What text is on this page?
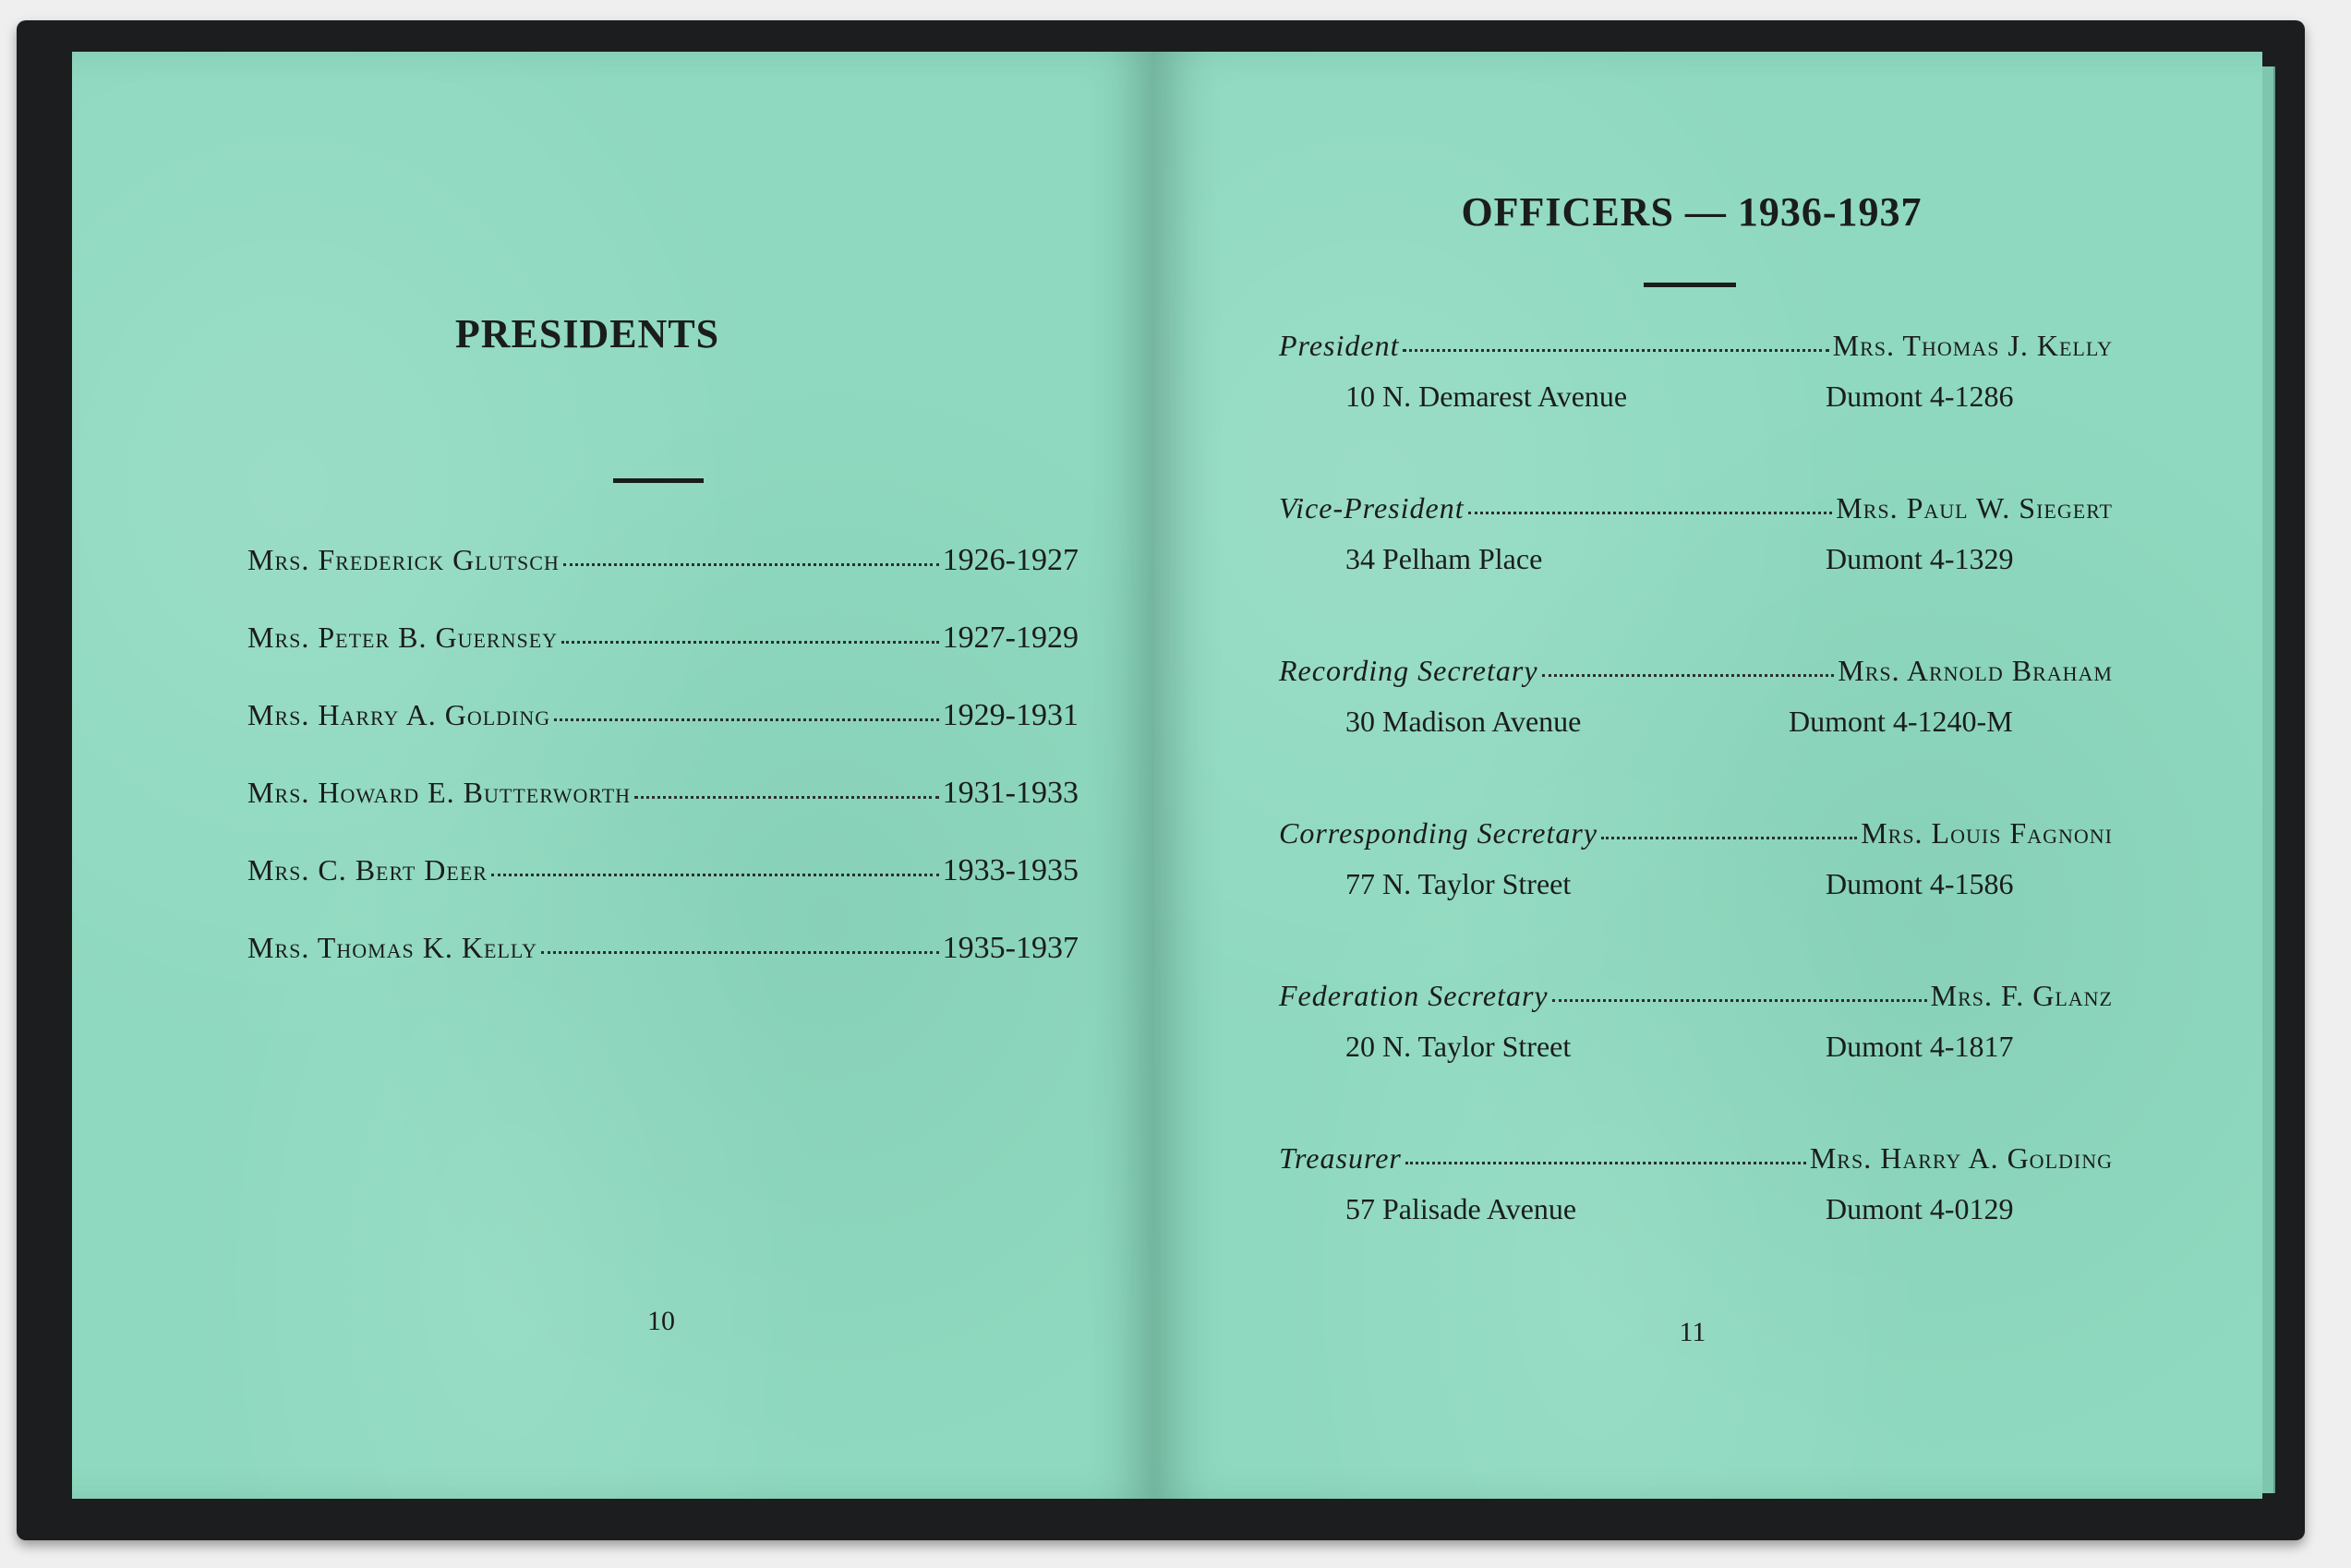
PRESIDENTS
Mrs. Frederick Glutsch	1926-1927
Mrs. Peter B. Guernsey	1927-1929
Mrs. Harry A. Golding	1929-1931
Mrs. Howard E. Butterworth	1931-1933
Mrs. C. Bert Deer	1933-1935
Mrs. Thomas K. Kelly	1935-1937

10

OFFICERS — 1936-1937
President	Mrs. Thomas J. Kelly
10 N. Demarest Avenue	Dumont 4-1286
Vice-President	Mrs. Paul W. Siegert
34 Pelham Place	Dumont 4-1329
Recording Secretary	Mrs. Arnold Braham
30 Madison Avenue	Dumont 4-1240-M
Corresponding Secretary	Mrs. Louis Fagnoni
77 N. Taylor Street	Dumont 4-1586
Federation Secretary	Mrs. F. Glanz
20 N. Taylor Street	Dumont 4-1817
Treasurer	Mrs. Harry A. Golding
57 Palisade Avenue	Dumont 4-0129

11
